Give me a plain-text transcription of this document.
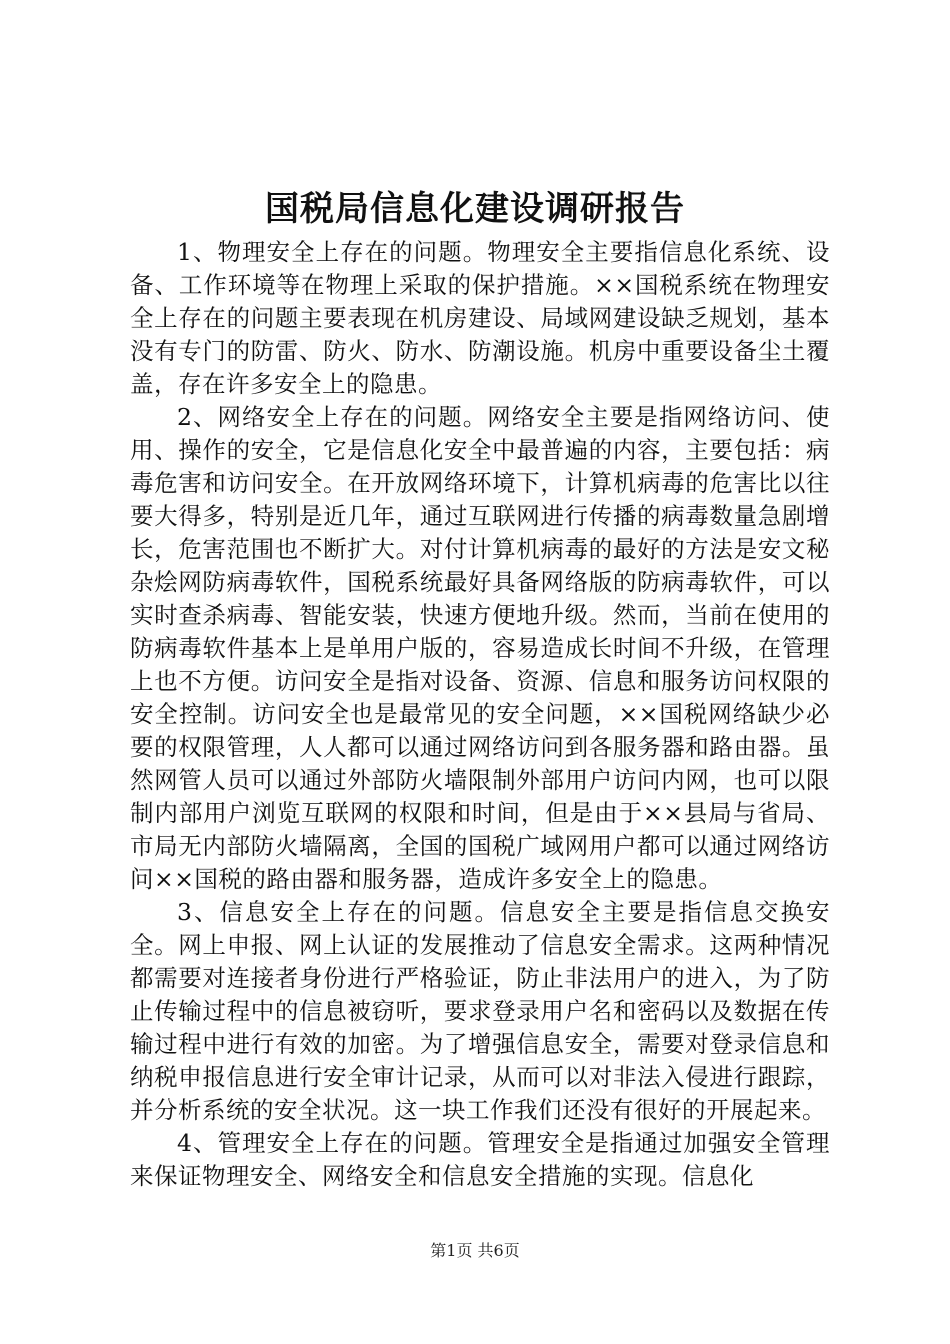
国税局信息化建设调研报告

1、物理安全上存在的问题。物理安全主要指信息化系统、设备、工作环境等在物理上采取的保护措施。××国税系统在物理安全上存在的问题主要表现在机房建设、局域网建设缺乏规划，基本没有专门的防雷、防火、防水、防潮设施。机房中重要设备尘土覆盖，存在许多安全上的隐患。

2、网络安全上存在的问题。网络安全主要是指网络访问、使用、操作的安全，它是信息化安全中最普遍的内容，主要包括：病毒危害和访问安全。在开放网络环境下，计算机病毒的危害比以往要大得多，特别是近几年，通过互联网进行传播的病毒数量急剧增长，危害范围也不断扩大。对付计算机病毒的最好的方法是安文秘杂烩网防病毒软件，国税系统最好具备网络版的防病毒软件，可以实时查杀病毒、智能安装，快速方便地升级。然而，当前在使用的防病毒软件基本上是单用户版的，容易造成长时间不升级，在管理上也不方便。访问安全是指对设备、资源、信息和服务访问权限的安全控制。访问安全也是最常见的安全问题，××国税网络缺少必要的权限管理，人人都可以通过网络访问到各服务器和路由器。虽然网管人员可以通过外部防火墙限制外部用户访问内网，也可以限制内部用户浏览互联网的权限和时间，但是由于××县局与省局、市局无内部防火墙隔离，全国的国税广域网用户都可以通过网络访问××国税的路由器和服务器，造成许多安全上的隐患。

3、信息安全上存在的问题。信息安全主要是指信息交换安全。网上申报、网上认证的发展推动了信息安全需求。这两种情况都需要对连接者身份进行严格验证，防止非法用户的进入，为了防止传输过程中的信息被窃听，要求登录用户名和密码以及数据在传输过程中进行有效的加密。为了增强信息安全，需要对登录信息和纳税申报信息进行安全审计记录，从而可以对非法入侵进行跟踪，并分析系统的安全状况。这一块工作我们还没有很好的开展起来。

4、管理安全上存在的问题。管理安全是指通过加强安全管理来保证物理安全、网络安全和信息安全措施的实现。信息化

第1页 共6页
